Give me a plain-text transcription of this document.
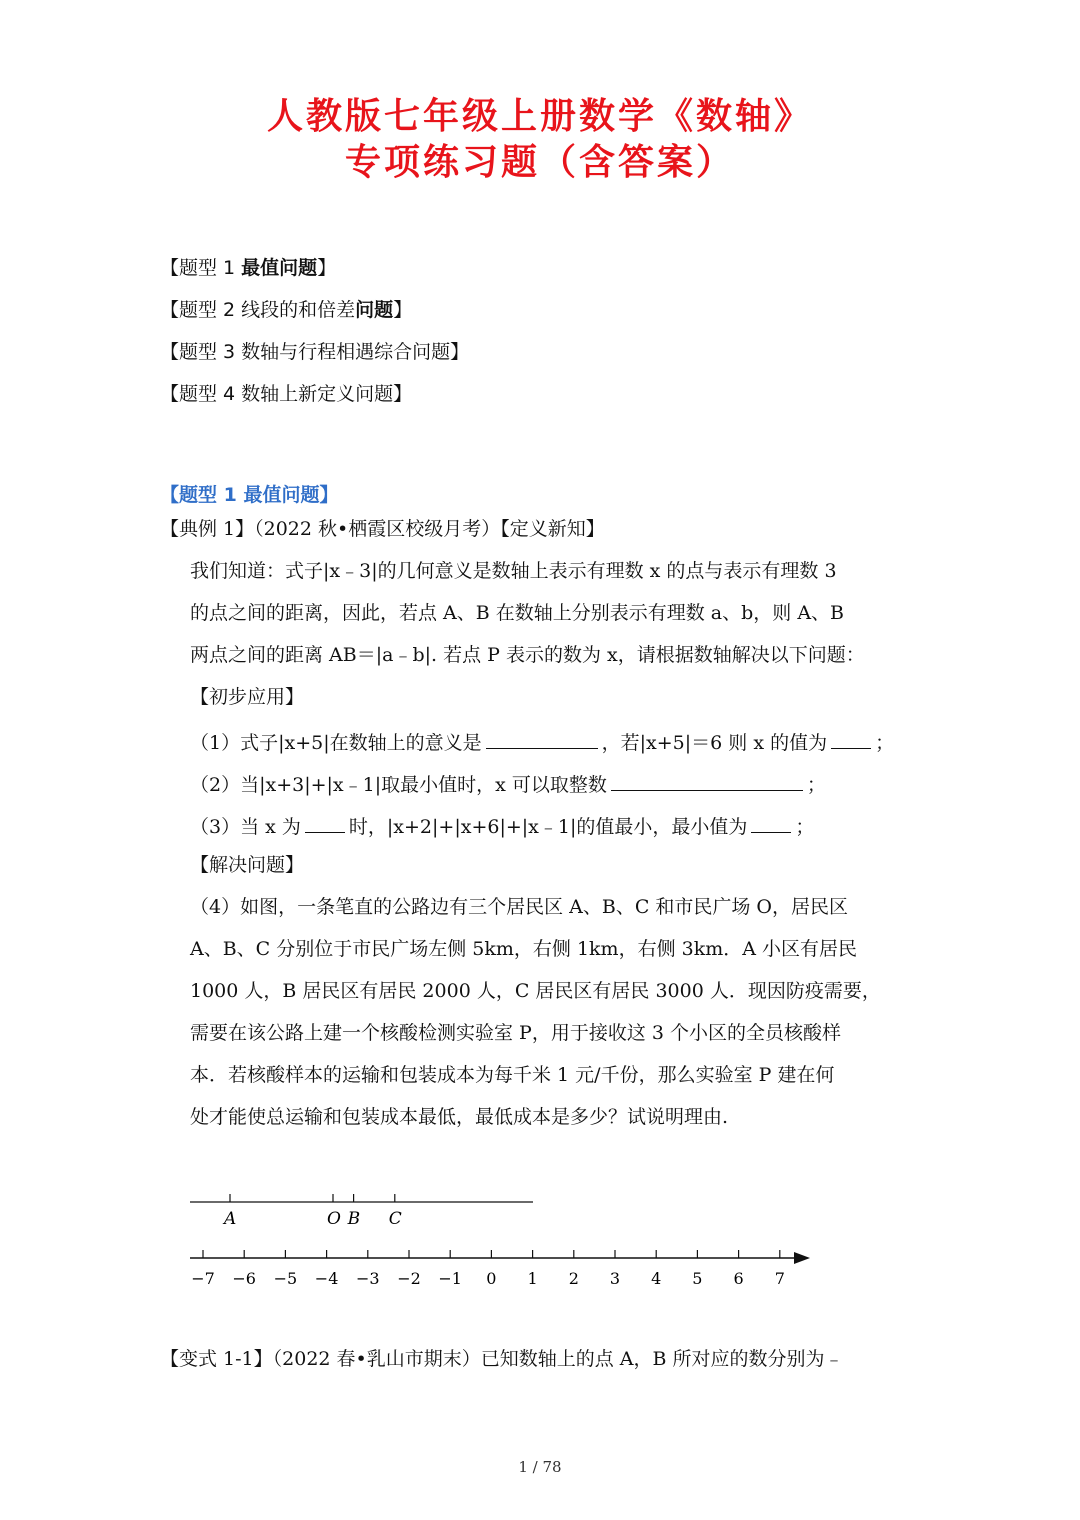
人教版七年级上册数学《数轴》
专项练习题（含答案）
【题型 1 最值问题】
【题型 2 线段的和倍差问题】
【题型 3 数轴与行程相遇综合问题】
【题型 4 数轴上新定义问题】
【题型 1 最值问题】
【典例 1】（2022 秋•栖霞区校级月考）【定义新知】
我们知道：式子|x﹣3|的几何意义是数轴上表示有理数 x 的点与表示有理数 3
的点之间的距离，因此，若点 A、B 在数轴上分别表示有理数 a、b，则 A、B
两点之间的距离 AB＝|a﹣b|. 若点 P 表示的数为 x，请根据数轴解决以下问题：
【初步应用】
（1）式子|x+5|在数轴上的意义是	，若|x+5|＝6 则 x 的值为	；
（2）当|x+3|+|x﹣1|取最小值时，x 可以取整数	；
（3）当 x 为	时，|x+2|+|x+6|+|x﹣1|的值最小，最小值为	；
【解决问题】
（4）如图，一条笔直的公路边有三个居民区 A、B、C 和市民广场 O，居民区
A、B、C 分别位于市民广场左侧 5km，右侧 1km，右侧 3km．A 小区有居民
1000 人，B 居民区有居民 2000 人，C 居民区有居民 3000 人．现因防疫需要，
需要在该公路上建一个核酸检测实验室 P，用于接收这 3 个小区的全员核酸样
本．若核酸样本的运输和包装成本为每千米 1 元/千份，那么实验室 P 建在何
处才能使总运输和包装成本最低，最低成本是多少？试说明理由.
A	O B C
−7 −6 −5 −4 −3 −2 −1 0 1 2 3 4 5 6 7
【变式 1-1】（2022 春•乳山市期末）已知数轴上的点 A，B 所对应的数分别为﹣
1 / 78
